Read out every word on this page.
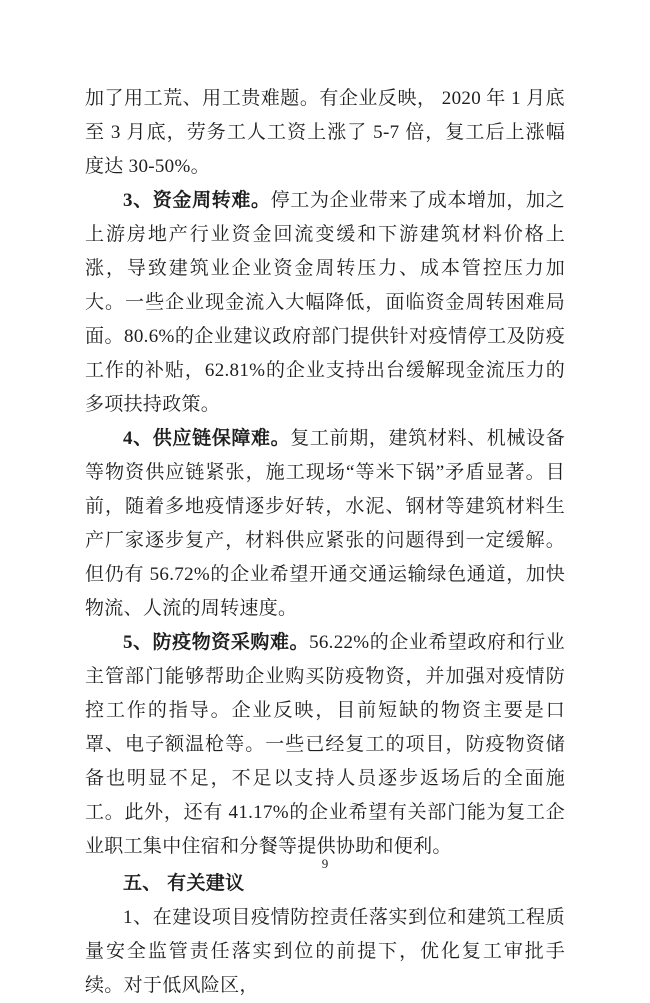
加了用工荒、用工贵难题。有企业反映， 2020 年 1 月底至 3 月底，劳务工人工资上涨了 5-7 倍，复工后上涨幅度达 30-50%。

3、资金周转难。停工为企业带来了成本增加，加之上游房地产行业资金回流变缓和下游建筑材料价格上涨，导致建筑业企业资金周转压力、成本管控压力加大。一些企业现金流入大幅降低，面临资金周转困难局面。80.6%的企业建议政府部门提供针对疫情停工及防疫工作的补贴，62.81%的企业支持出台缓解现金流压力的多项扶持政策。

4、供应链保障难。复工前期，建筑材料、机械设备等物资供应链紧张，施工现场“等米下锅”矛盾显著。目前，随着多地疫情逐步好转，水泥、钢材等建筑材料生产厂家逐步复产，材料供应紧张的问题得到一定缓解。但仍有 56.72%的企业希望开通交通运输绿色通道，加快物流、人流的周转速度。

5、防疫物资采购难。56.22%的企业希望政府和行业主管部门能够帮助企业购买防疫物资，并加强对疫情防控工作的指导。企业反映，目前短缺的物资主要是口罩、电子额温枪等。一些已经复工的项目，防疫物资储备也明显不足，不足以支持人员逐步返场后的全面施工。此外，还有 41.17%的企业希望有关部门能为复工企业职工集中住宿和分餐等提供协助和便利。

五、 有关建议

1、在建设项目疫情防控责任落实到位和建筑工程质量安全监管责任落实到位的前提下，优化复工审批手续。对于低风险区，

9
